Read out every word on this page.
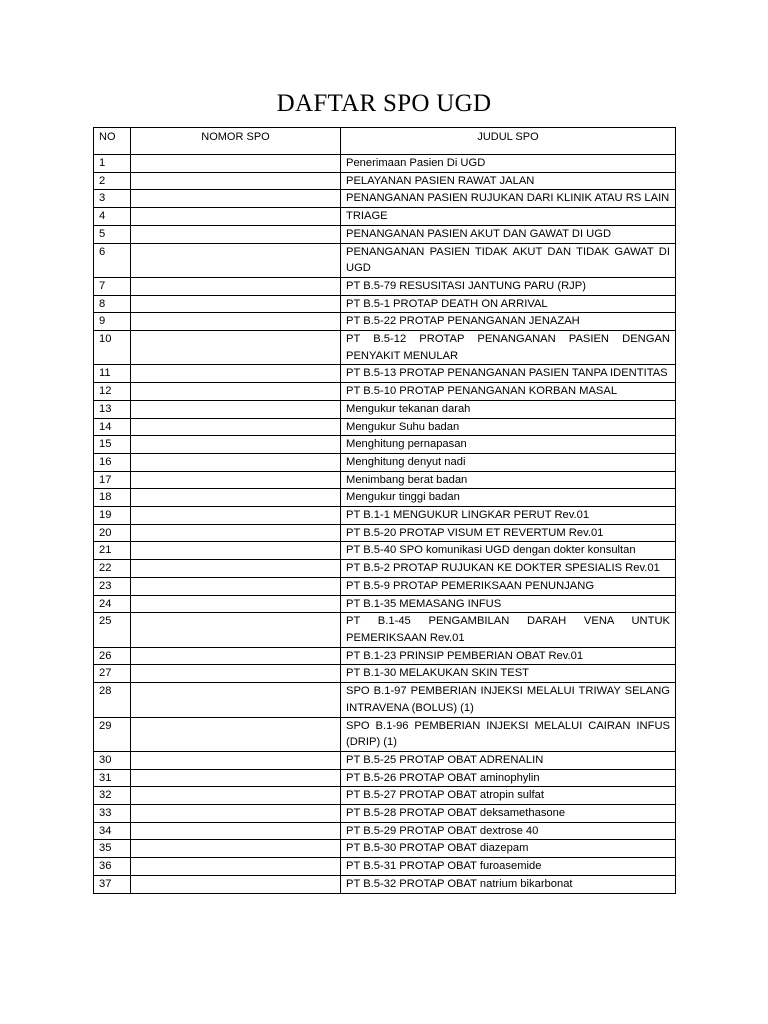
DAFTAR SPO UGD
NO	NOMOR SPO	JUDUL SPO
1		Penerimaan Pasien Di UGD
2		PELAYANAN PASIEN RAWAT JALAN
3		PENANGANAN PASIEN RUJUKAN DARI KLINIK ATAU RS LAIN
4		TRIAGE
5		PENANGANAN PASIEN AKUT DAN GAWAT DI UGD
6		PENANGANAN PASIEN TIDAK AKUT DAN TIDAK GAWAT DI UGD
7		PT B.5-79 RESUSITASI JANTUNG PARU (RJP)
8		PT B.5-1 PROTAP DEATH ON ARRIVAL
9		PT B.5-22 PROTAP PENANGANAN JENAZAH
10		PT B.5-12 PROTAP PENANGANAN PASIEN DENGAN PENYAKIT MENULAR
11		PT B.5-13 PROTAP PENANGANAN PASIEN TANPA IDENTITAS
12		PT B.5-10 PROTAP PENANGANAN KORBAN MASAL
13		Mengukur tekanan darah
14		Mengukur Suhu badan
15		Menghitung pernapasan
16		Menghitung denyut nadi
17		Menimbang berat badan
18		Mengukur tinggi badan
19		PT B.1-1 MENGUKUR LINGKAR PERUT Rev.01
20		PT B.5-20 PROTAP VISUM ET REVERTUM Rev.01
21		PT B.5-40 SPO komunikasi UGD dengan dokter konsultan
22		PT B.5-2 PROTAP RUJUKAN KE DOKTER SPESIALIS Rev.01
23		PT B.5-9 PROTAP PEMERIKSAAN PENUNJANG
24		PT B.1-35 MEMASANG INFUS
25		PT B.1-45 PENGAMBILAN DARAH VENA UNTUK PEMERIKSAAN Rev.01
26		PT B.1-23 PRINSIP PEMBERIAN OBAT Rev.01
27		PT B.1-30 MELAKUKAN SKIN TEST
28		SPO B.1-97 PEMBERIAN INJEKSI MELALUI TRIWAY SELANG INTRAVENA (BOLUS) (1)
29		SPO B.1-96 PEMBERIAN INJEKSI MELALUI CAIRAN INFUS (DRIP) (1)
30		PT B.5-25 PROTAP OBAT ADRENALIN
31		PT B.5-26 PROTAP OBAT aminophylin
32		PT B.5-27 PROTAP OBAT atropin sulfat
33		PT B.5-28 PROTAP OBAT deksamethasone
34		PT B.5-29 PROTAP OBAT dextrose 40
35		PT B.5-30 PROTAP OBAT diazepam
36		PT B.5-31 PROTAP OBAT furoasemide
37		PT B.5-32 PROTAP OBAT natrium bikarbonat
